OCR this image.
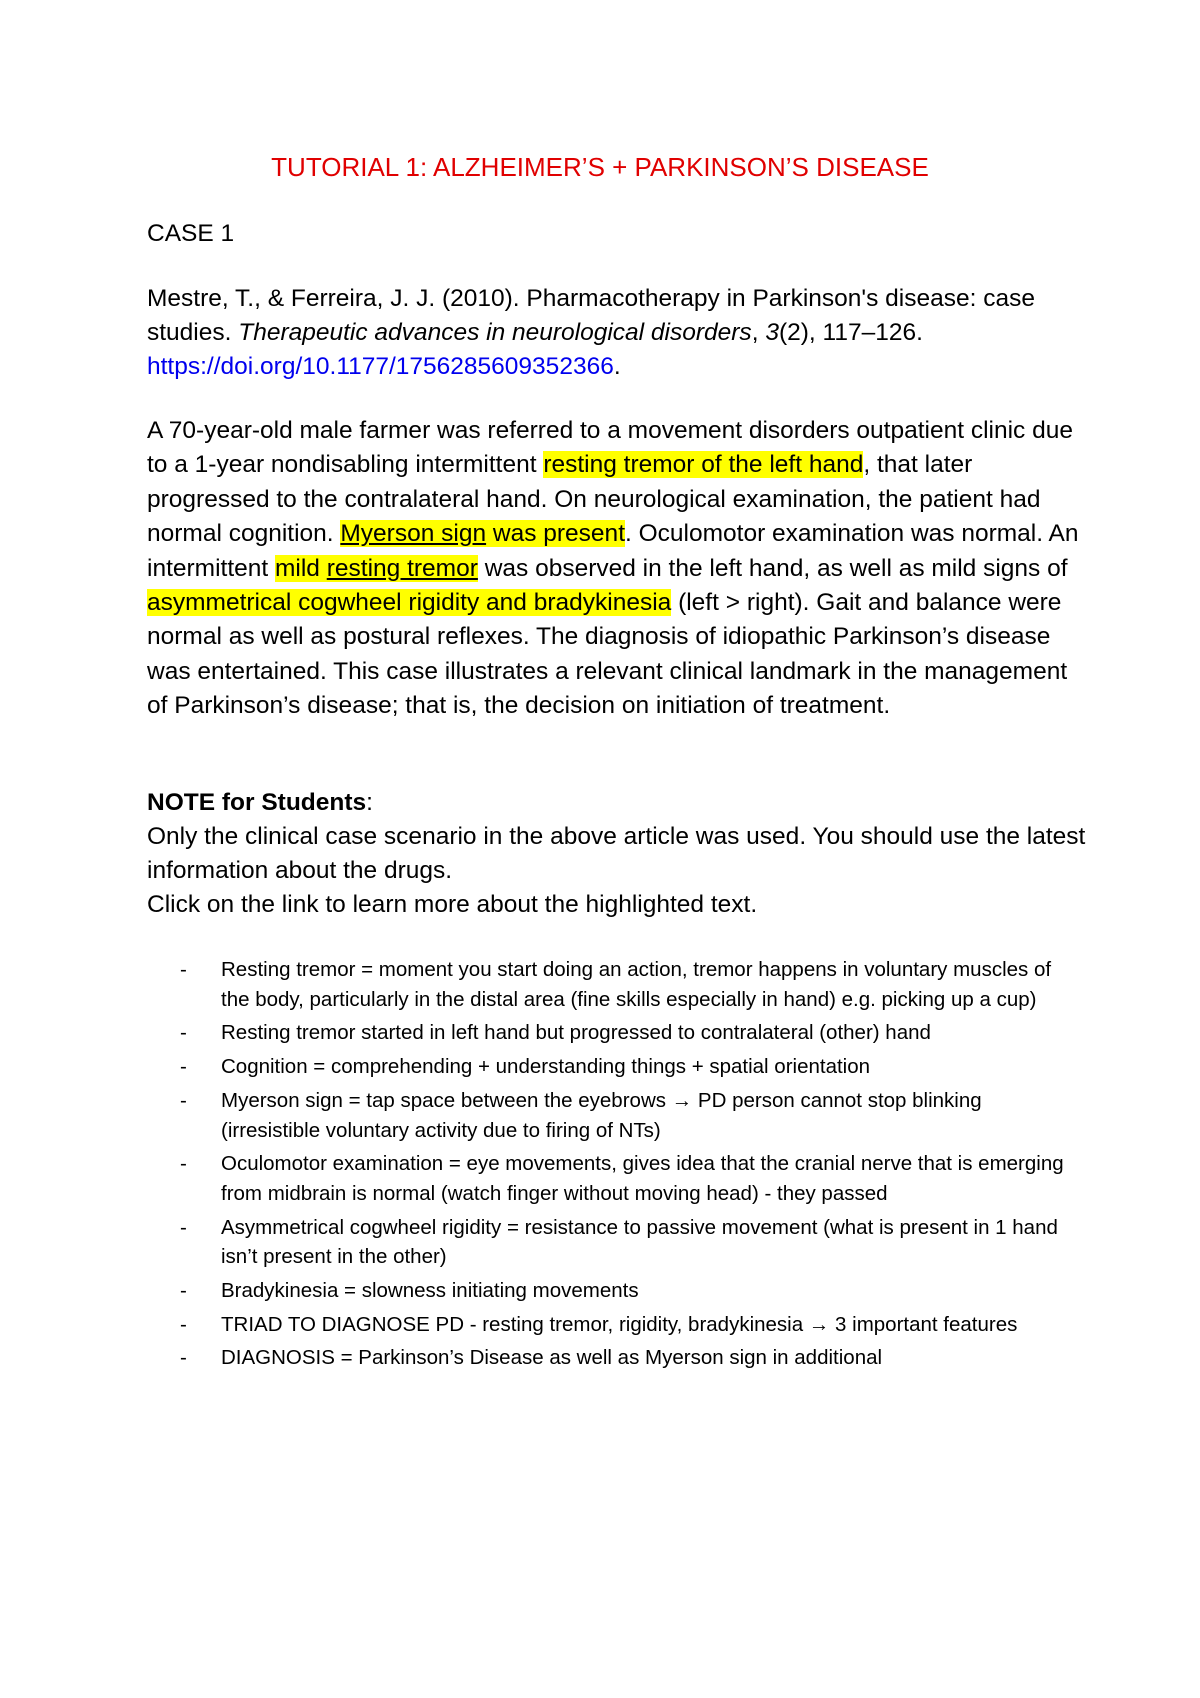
TUTORIAL 1: ALZHEIMER’S + PARKINSON’S DISEASE
CASE 1
Mestre, T., & Ferreira, J. J. (2010). Pharmacotherapy in Parkinson's disease: case studies. Therapeutic advances in neurological disorders, 3(2), 117–126. https://doi.org/10.1177/1756285609352366.
A 70-year-old male farmer was referred to a movement disorders outpatient clinic due to a 1-year nondisabling intermittent resting tremor of the left hand, that later progressed to the contralateral hand. On neurological examination, the patient had normal cognition. Myerson sign was present. Oculomotor examination was normal. An intermittent mild resting tremor was observed in the left hand, as well as mild signs of asymmetrical cogwheel rigidity and bradykinesia (left > right). Gait and balance were normal as well as postural reflexes. The diagnosis of idiopathic Parkinson’s disease was entertained. This case illustrates a relevant clinical landmark in the management of Parkinson’s disease; that is, the decision on initiation of treatment.
NOTE for Students:
Only the clinical case scenario in the above article was used. You should use the latest information about the drugs.
Click on the link to learn more about the highlighted text.
- Resting tremor = moment you start doing an action, tremor happens in voluntary muscles of the body, particularly in the distal area (fine skills especially in hand) e.g. picking up a cup)
- Resting tremor started in left hand but progressed to contralateral (other) hand
- Cognition = comprehending + understanding things + spatial orientation
- Myerson sign = tap space between the eyebrows → PD person cannot stop blinking (irresistible voluntary activity due to firing of NTs)
- Oculomotor examination = eye movements, gives idea that the cranial nerve that is emerging from midbrain is normal (watch finger without moving head) - they passed
- Asymmetrical cogwheel rigidity = resistance to passive movement (what is present in 1 hand isn’t present in the other)
- Bradykinesia = slowness initiating movements
- TRIAD TO DIAGNOSE PD - resting tremor, rigidity, bradykinesia → 3 important features
- DIAGNOSIS = Parkinson’s Disease as well as Myerson sign in additional
